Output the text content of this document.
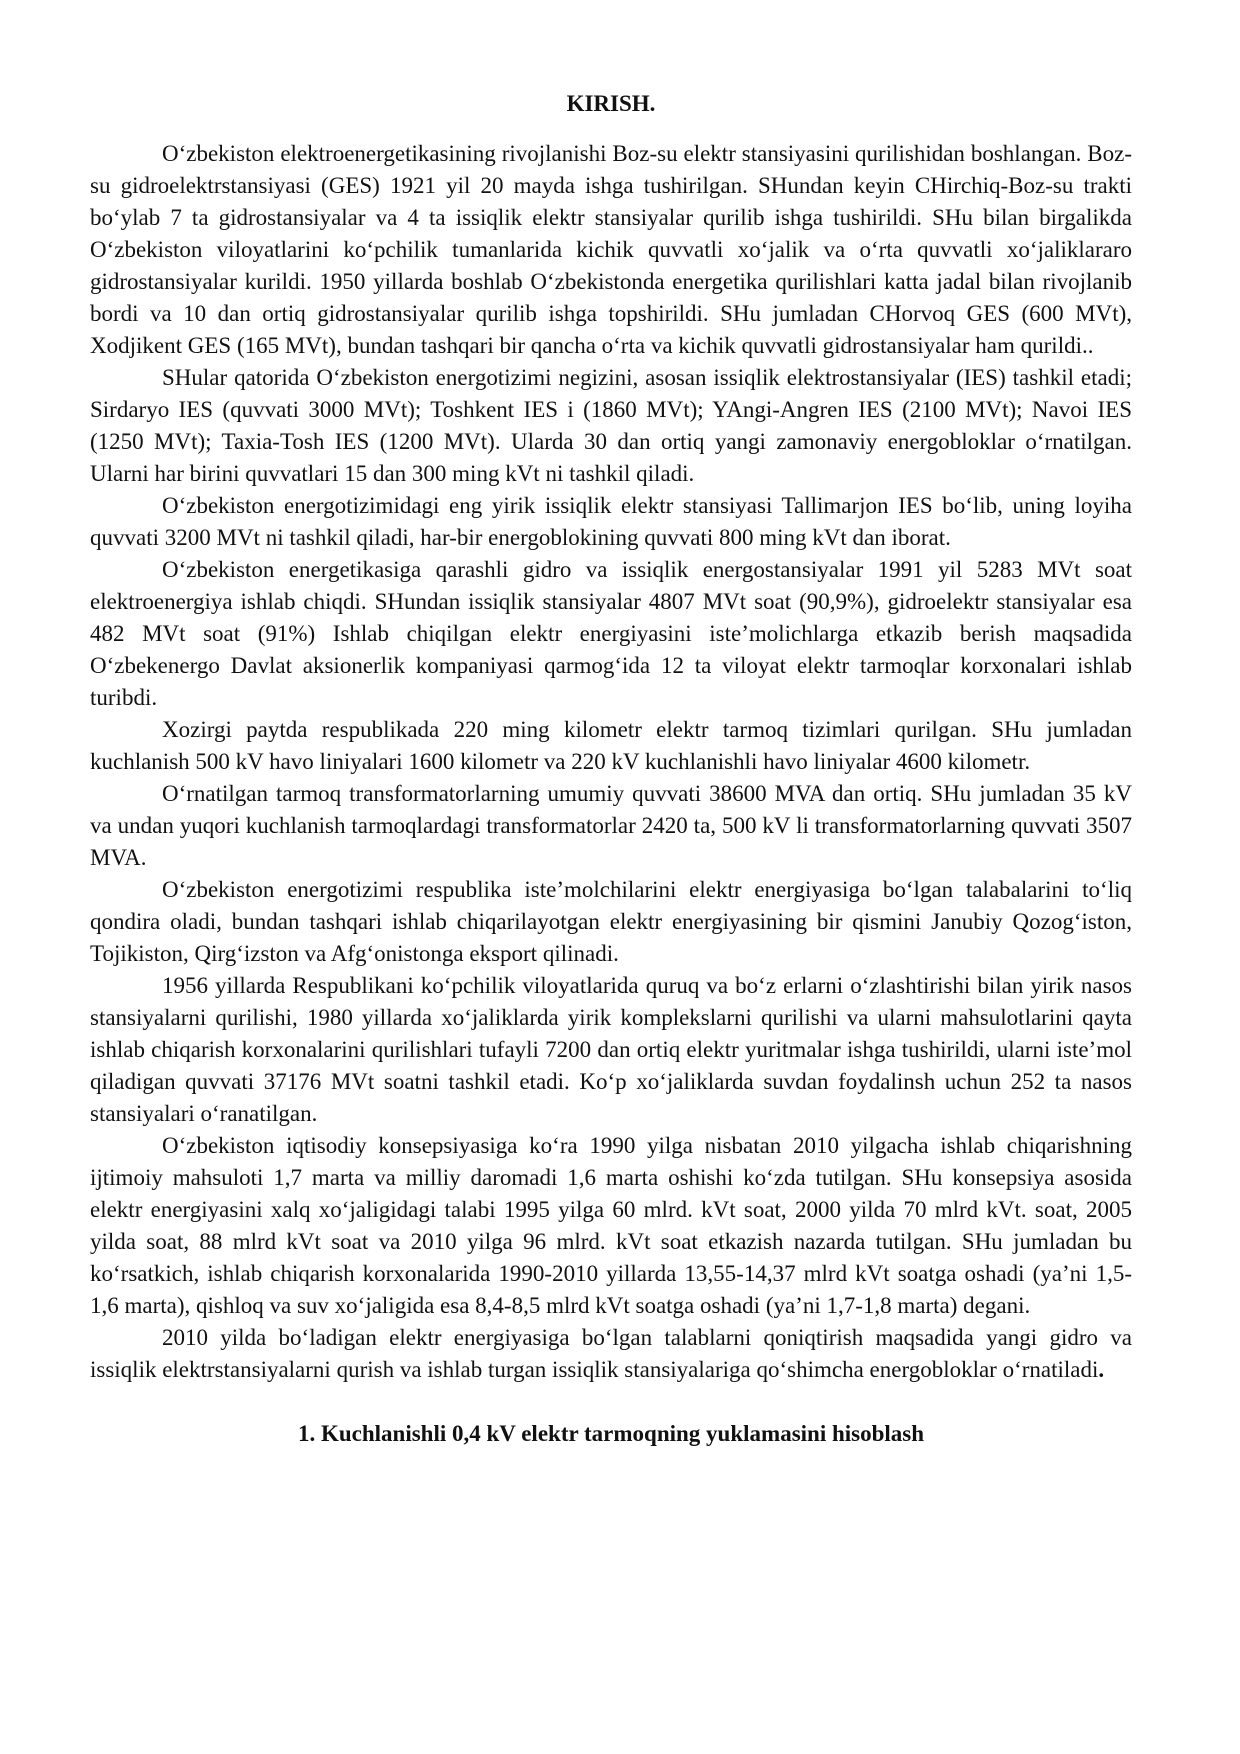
KIRISH.

O‘zbekiston elektroenergetikasining rivojlanishi Boz-su elektr stansiyasini qurilishidan boshlangan. Boz-su gidroelektrstansiyasi (GES) 1921 yil 20 mayda ishga tushirilgan. SHundan keyin CHirchiq-Boz-su trakti bo‘ylab 7 ta gidrostansiyalar va 4 ta issiqlik elektr stansiyalar qurilib ishga tushirildi. SHu bilan birgalikda O‘zbekiston viloyatlarini ko‘pchilik tumanlarida kichik quvvatli xo‘jalik va o‘rta quvvatli xo‘jaliklararo gidrostansiyalar kurildi. 1950 yillarda boshlab O‘zbekistonda energetika qurilishlari katta jadal bilan rivojlanib bordi va 10 dan ortiq gidrostansiyalar qurilib ishga topshirildi. SHu jumladan CHorvoq GES (600 MVt), Xodjikent GES (165 MVt), bundan tashqari bir qancha o‘rta va kichik quvvatli gidrostansiyalar ham qurildi..

SHular qatorida O‘zbekiston energotizimi negizini, asosan issiqlik elektrostansiyalar (IES) tashkil etadi; Sirdaryo IES (quvvati 3000 MVt); Toshkent IES i (1860 MVt); YAngi-Angren IES (2100 MVt); Navoi IES (1250 MVt); Taxia-Tosh IES (1200 MVt). Ularda 30 dan ortiq yangi zamonaviy energobloklar o‘rnatilgan. Ularni har birini quvvatlari 15 dan 300 ming kVt ni tashkil qiladi.

O‘zbekiston energotizimidagi eng yirik issiqlik elektr stansiyasi Tallimarjon IES bo‘lib, uning loyiha quvvati 3200 MVt ni tashkil qiladi, har-bir energoblokining quvvati 800 ming kVt dan iborat.

O‘zbekiston energetikasiga qarashli gidro va issiqlik energostansiyalar 1991 yil 5283 MVt soat elektroenergiya ishlab chiqdi. SHundan issiqlik stansiyalar 4807 MVt soat (90,9%), gidroelektr stansiyalar esa 482 MVt soat (91%) Ishlab chiqilgan elektr energiyasini iste’molichlarga etkazib berish maqsadida O‘zbekenergo Davlat aksionerlik kompaniyasi qarmog‘ida 12 ta viloyat elektr tarmoqlar korxonalari ishlab turibdi.

Xozirgi paytda respublikada 220 ming kilometr elektr tarmoq tizimlari qurilgan. SHu jumladan kuchlanish 500 kV havo liniyalari 1600 kilometr va 220 kV kuchlanishli havo liniyalar 4600 kilometr.

O‘rnatilgan tarmoq transformatorlarning umumiy quvvati 38600 MVA dan ortiq. SHu jumladan 35 kV va undan yuqori kuchlanish tarmoqlardagi transformatorlar 2420 ta, 500 kV li transformatorlarning quvvati 3507 MVA.

O‘zbekiston energotizimi respublika iste’molchilarini elektr energiyasiga bo‘lgan talabalarini to‘liq qondira oladi, bundan tashqari ishlab chiqarilayotgan elektr energiyasining bir qismini Janubiy Qozog‘iston, Tojikiston, Qirg‘izston va Afg‘onistonga eksport qilinadi.

1956 yillarda Respublikani ko‘pchilik viloyatlarida quruq va bo‘z erlarni o‘zlashtirishi bilan yirik nasos stansiyalarni qurilishi, 1980 yillarda xo‘jaliklarda yirik komplekslarni qurilishi va ularni mahsulotlarini qayta ishlab chiqarish korxonalarini qurilishlari tufayli 7200 dan ortiq elektr yuritmalar ishga tushirildi, ularni iste’mol qiladigan quvvati 37176 MVt soatni tashkil etadi. Ko‘p xo‘jaliklarda suvdan foydalinsh uchun 252 ta nasos stansiyalari o‘ranatilgan.

O‘zbekiston iqtisodiy konsepsiyasiga ko‘ra 1990 yilga nisbatan 2010 yilgacha ishlab chiqarishning ijtimoiy mahsuloti 1,7 marta va milliy daromadi 1,6 marta oshishi ko‘zda tutilgan. SHu konsepsiya asosida elektr energiyasini xalq xo‘jaligidagi talabi 1995 yilga 60 mlrd. kVt soat, 2000 yilda 70 mlrd kVt. soat, 2005 yilda soat, 88 mlrd kVt soat va 2010 yilga 96 mlrd. kVt soat etkazish nazarda tutilgan. SHu jumladan bu ko‘rsatkich, ishlab chiqarish korxonalarida 1990-2010 yillarda 13,55-14,37 mlrd kVt soatga oshadi (ya’ni 1,5-1,6 marta), qishloq va suv xo‘jaligida esa 8,4-8,5 mlrd kVt soatga oshadi (ya’ni 1,7-1,8 marta) degani.

2010 yilda bo‘ladigan elektr energiyasiga bo‘lgan talablarni qoniqtirish maqsadida yangi gidro va issiqlik elektrstansiyalarni qurish va ishlab turgan issiqlik stansiyalariga qo‘shimcha energobloklar o‘rnatiladi.

1. Kuchlanishli 0,4 kV elektr tarmoqning yuklamasini hisoblash
